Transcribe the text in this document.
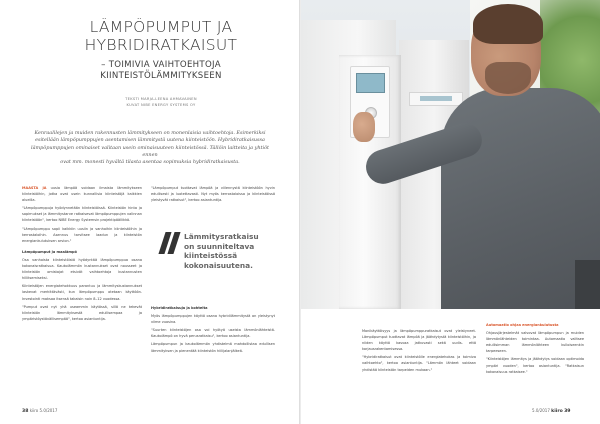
LÄMPÖPUMPUT JA
HYBRIDIRATKAISUT
– TOIMIVIA VAIHTOEHTOJA
KIINTEISTÖLÄMMITYKSEEN
TEKSTI MARJA-LEENA AHMAVAINEN
KUVAT NIBE ENERGY SYSTEMS OY
Kenraalilejen ja muiden rakennusten lämmitykseen on monenlaisia vaihtoehtoja. Esimerkiksi
esitellään lämpöpumppujen asentamisen lämmitystä uutena kiinteistöön. Hybridiratkaisussa
lämpöpumppujen ominaiset valitaan usein ominaisuuteen kiinteistössä. Tällöin laitteita ja yhtiöt ennen
ovat mm. monesti hyvältä tilasta asentaa sopimuksia hybridiratkaisusta.

MAASTA JA uusia lämpöä voidaan ilmaista lämmitykseen kiinteistöihin, jotka ovat usein kunnallisia kiinteistöjä kaikkien alueilla.

"Lämpöpumppuja hyödynnetään kiinteistöissä. Kiinteistön hinta ja sopimukset ja lämmitystarve ratkaisevat lämpöpumppujen valinnan kiinteistöön", kertoo NIBE Energy Systemsin projektipäällikkö.

"Lämpöpumppu sopii kaikkiin uusiin ja vanhoihin kiinteistöihin ja kerrostaloihin. Asennus tarvitsee laadun ja kiinteistön energiankulutuksen arvion."

Lämpöpumput ja maalämpö

Osa vanhoista kiinteistöistä hyödyntää lämpöpumppua osana kokonaisratkaisua. Kaukolämmön kustannukset ovat nousseet ja kiinteistön omistajat etsivät vaihtoehtoja kustannusten hillitsemiseksi.

Kiinteistöjen energiatehokkuus parantuu ja lämmityskustannukset laskevat merkittävästi, kun lämpöpumppu otetaan käyttöön. Investointi maksaa itsensä takaisin noin 8–12 vuodessa.

"Pumput ovat nyt yhä useammin käytössä, sillä ne tekevät kiinteistön lämmityksestä edullisempaa ja ympäristöystävällisempää", kertoo asiantuntija.

"Lämpöpumput tuottavat lämpöä ja viilennystä kiinteistöön hyvin edullisesti ja luotettavasti. Nyt myös kerrostaloissa ja kiinteistöissä yleistyvät ratkaisut", kertoo asiantuntija.

Lämmitysratkaisu
on suunniteltava
kiinteistössä
kokonaisuutena.

Hybridiratkaisuja ja kohteita

Myös lämpöpumppujen käyttö osana hybridilämmitystä on yleistynyt viime vuosina.

"Suurten kiinteistöjen osa voi hyötyä useista lämmönlähteistä. Kaukolämpö on hyvä perusratkaisu", kertoo asiantuntija.

Lämpöpumpun ja kaukolämmön yhdistelmä mahdollistaa edullisen lämmityksen ja pienentää kiinteistön hiilijalanjälkeä.

38 kiiro 5.0/2017

Monikäyttöisyys ja lämpöpumppuratkaisut ovat yleistyneet. Lämpöpumput tuottavat lämpöä ja jäähdytystä kiinteistöihin, ja niiden käyttö kasvaa jatkuvasti sekä uudis- että korjausrakentamisessa.

"Hybridiratkaisut ovat kiinteistölle energiatehokas ja toimiva vaihtoehto", kertoo asiantuntija. "Lämmön lähteet voidaan yhdistää kiinteistön tarpeiden mukaan."

Automaatio ohjaa energiankulutusta

Ohjausjärjestelmät valvovat lämpöpumpun ja muiden lämmönlähteiden toimintaa. Automaatio valitsee edullisimman lämmönlähteen kulloiseenkin tarpeeseen.

"Kiinteistöjen lämmitys ja jäähdytys voidaan optimoida ympäri vuoden", kertoo asiantuntija. "Ratkaisun kokonaisuus ratkaisee."

5.0/2017 kiiro 39
